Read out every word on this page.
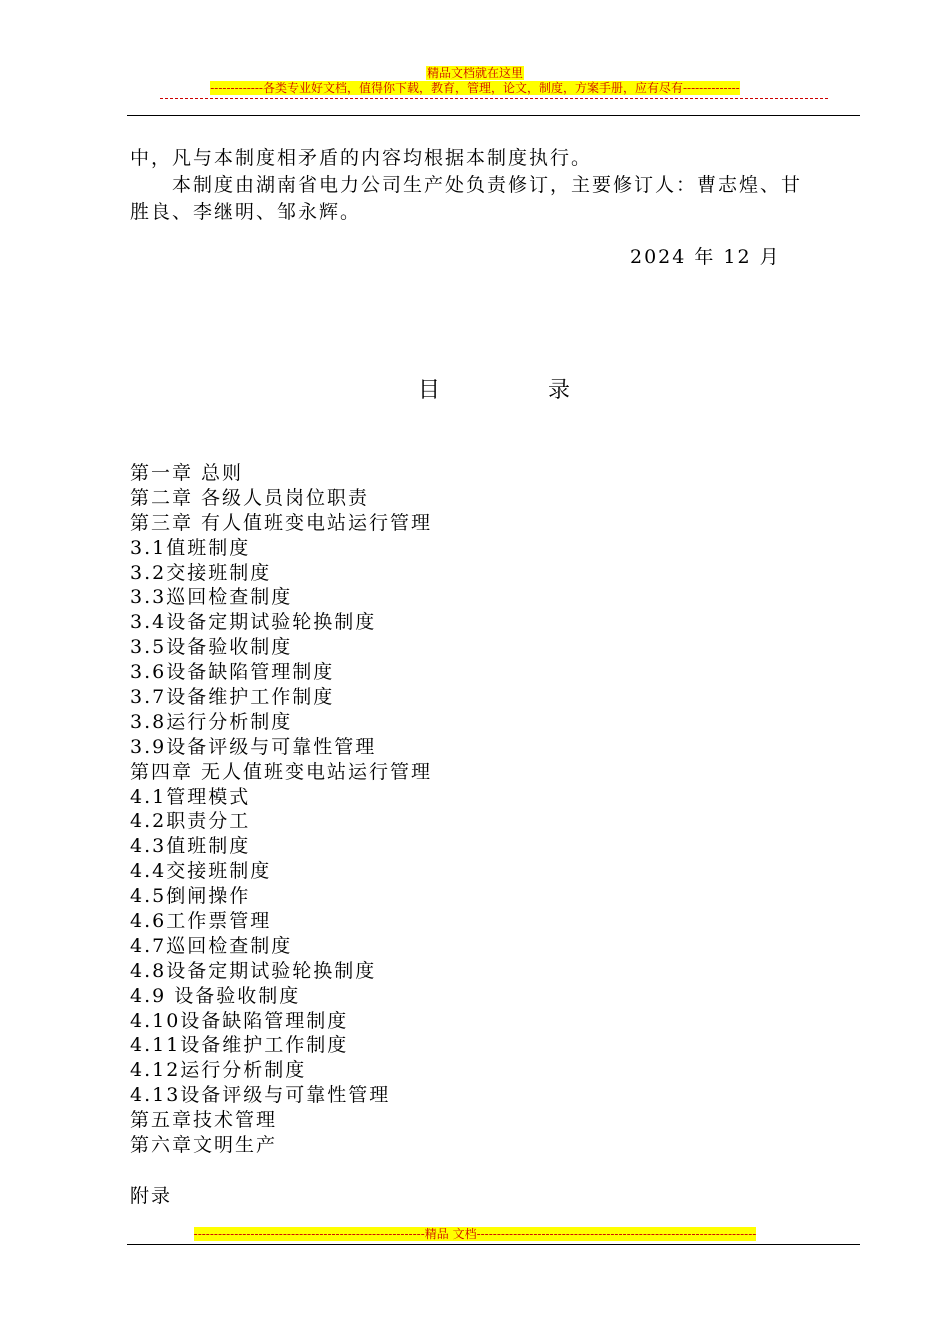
精品文档就在这里
-------------各类专业好文档，值得你下载，教育，管理，论文，制度，方案手册，应有尽有--------------
中，凡与本制度相矛盾的内容均根据本制度执行。
　　本制度由湖南省电力公司生产处负责修订，主要修订人：曹志煌、甘
胜良、李继明、邹永辉。
2024 年 12 月
目	录
第一章 总则
第二章 各级人员岗位职责
第三章 有人值班变电站运行管理
3.1值班制度
3.2交接班制度
3.3巡回检查制度
3.4设备定期试验轮换制度
3.5设备验收制度
3.6设备缺陷管理制度
3.7设备维护工作制度
3.8运行分析制度
3.9设备评级与可靠性管理
第四章 无人值班变电站运行管理
4.1管理模式
4.2职责分工
4.3值班制度
4.4交接班制度
4.5倒闸操作
4.6工作票管理
4.7巡回检查制度
4.8设备定期试验轮换制度
4.9 设备验收制度
4.10设备缺陷管理制度
4.11设备维护工作制度
4.12运行分析制度
4.13设备评级与可靠性管理
第五章技术管理
第六章文明生产
附录
---------------------------------------------------------精品 文档---------------------------------------------------------------------
